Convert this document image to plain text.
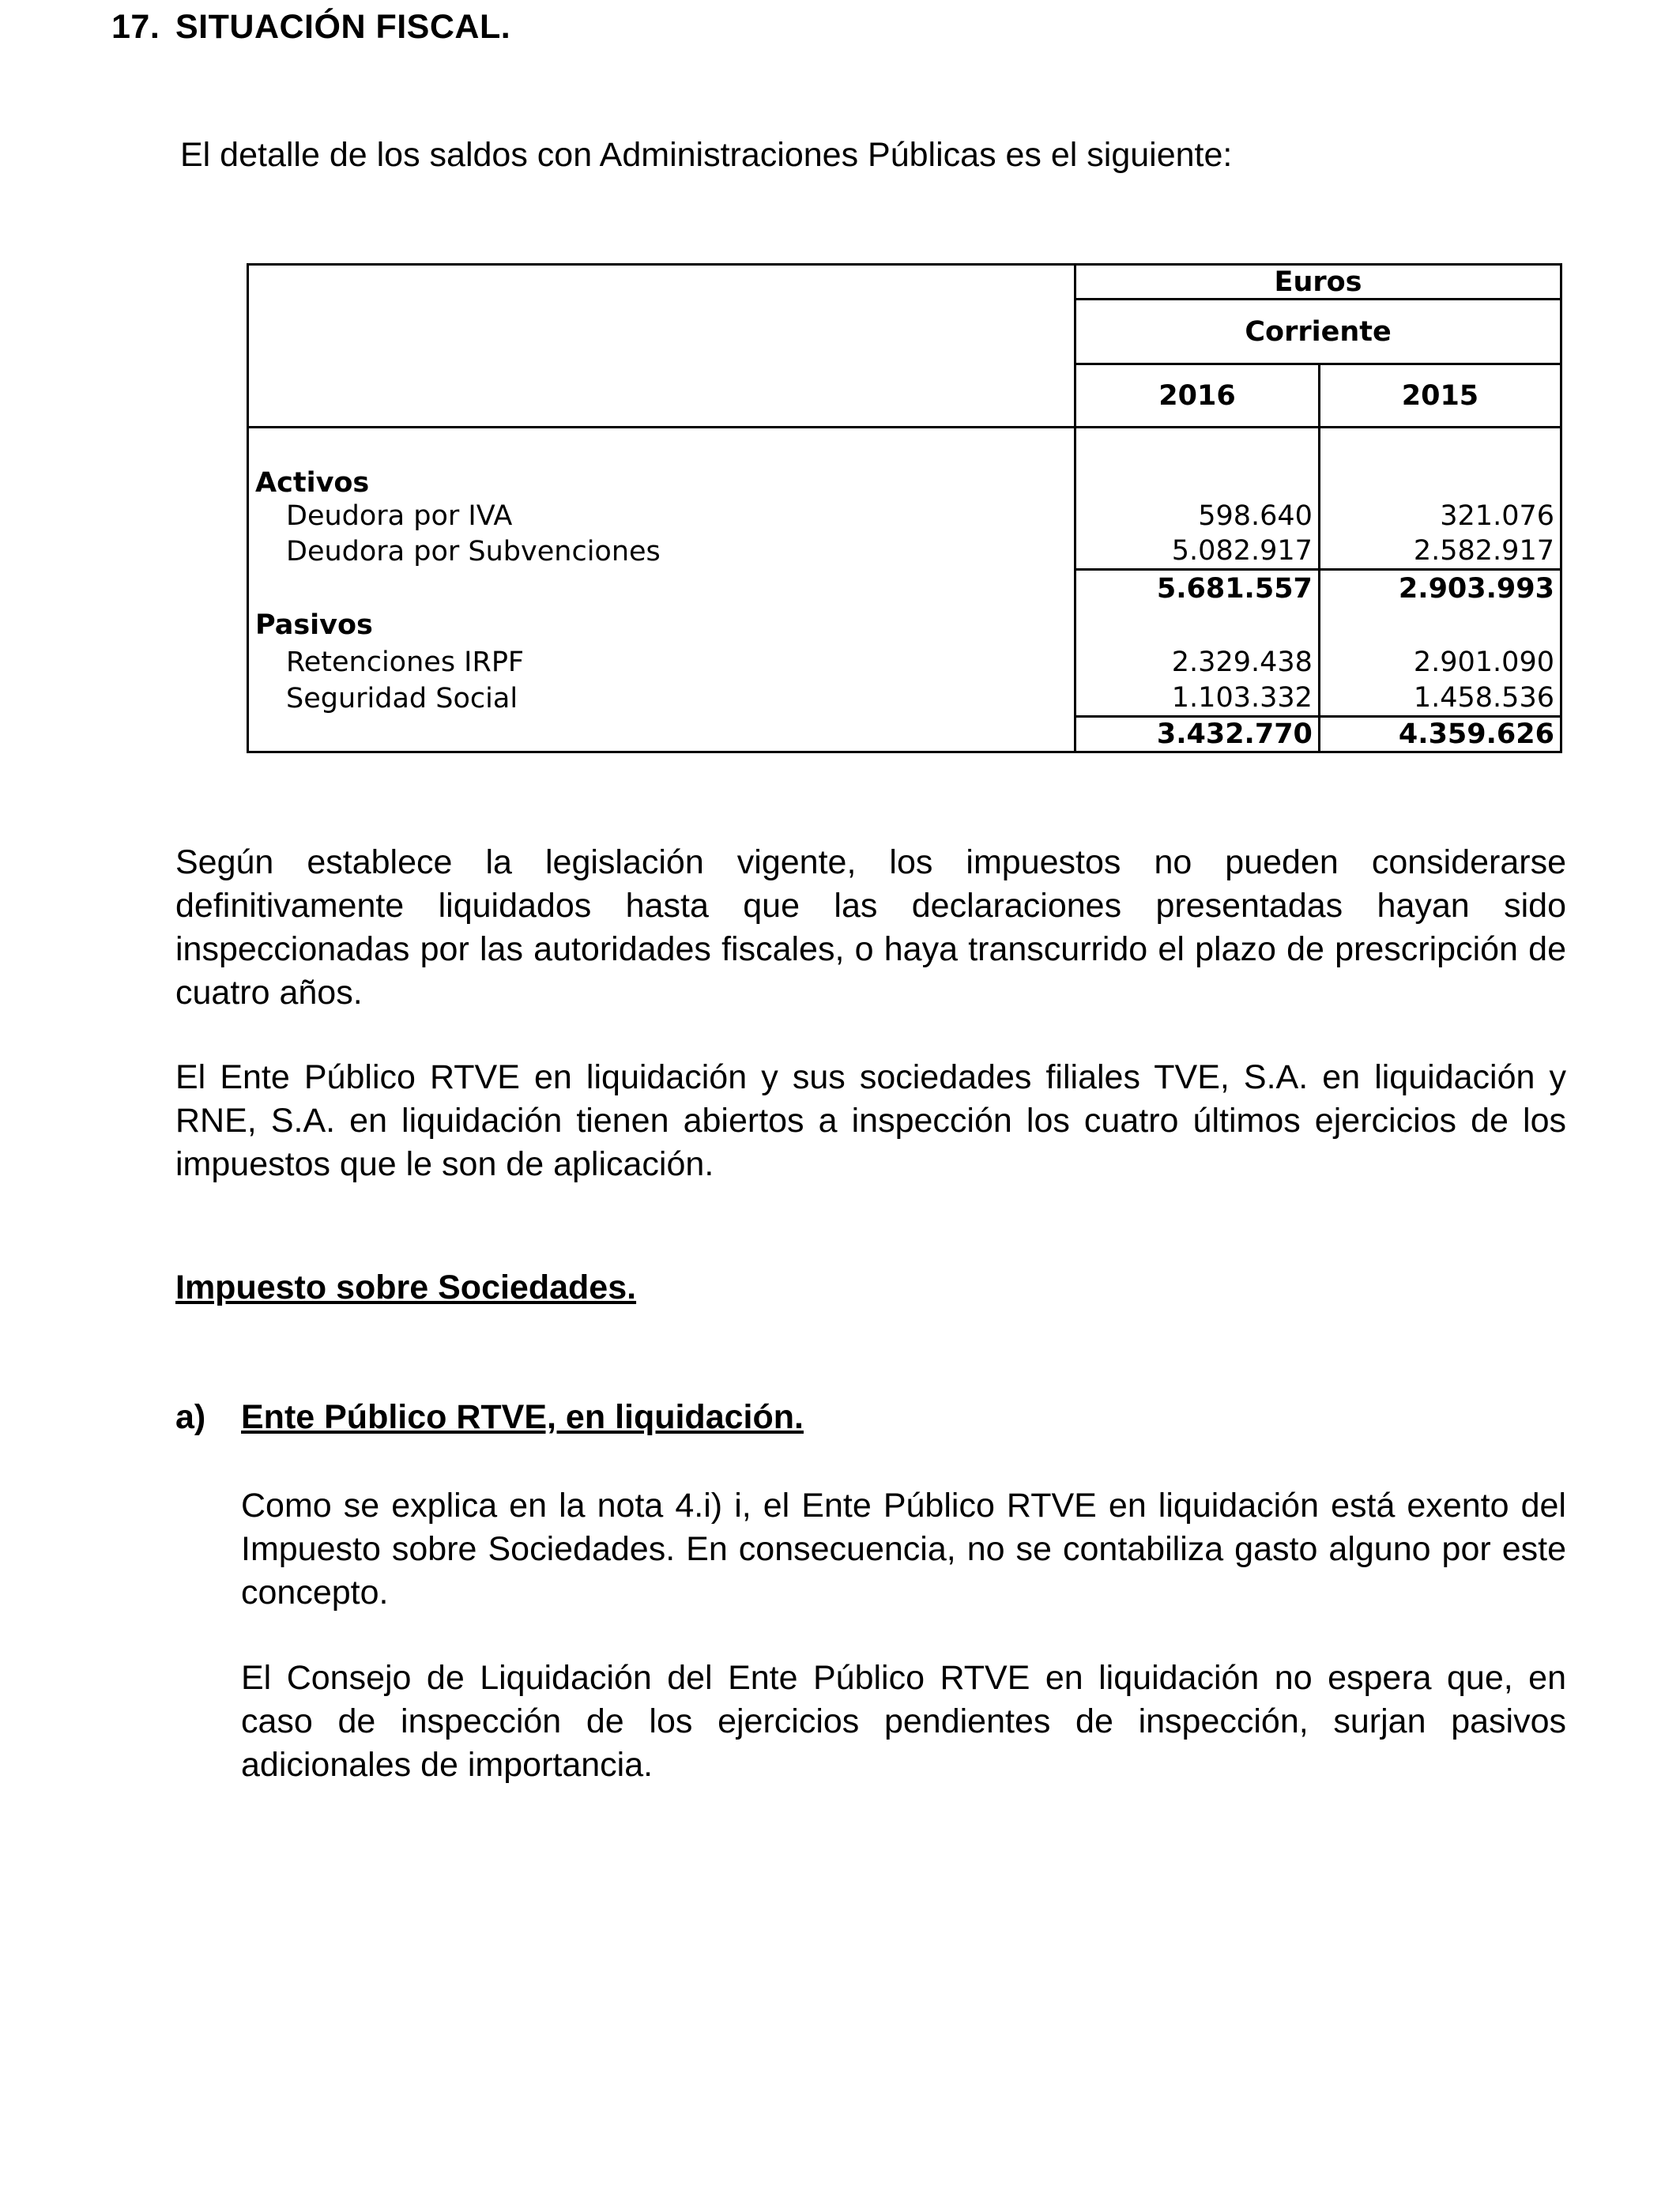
17. SITUACIÓN FISCAL.

El detalle de los saldos con Administraciones Públicas es el siguiente:

	Euros	
	Corriente	
	2016	2015
Activos		
Deudora por IVA	598.640	321.076
Deudora por Subvenciones	5.082.917	2.582.917
	5.681.557	2.903.993
Pasivos		
Retenciones IRPF	2.329.438	2.901.090
Seguridad Social	1.103.332	1.458.536
	3.432.770	4.359.626

Según establece la legislación vigente, los impuestos no pueden considerarse definitivamente liquidados hasta que las declaraciones presentadas hayan sido inspeccionadas por las autoridades fiscales, o haya transcurrido el plazo de prescripción de cuatro años.

El Ente Público RTVE en liquidación y sus sociedades filiales TVE, S.A. en liquidación y RNE, S.A. en liquidación tienen abiertos a inspección los cuatro últimos ejercicios de los impuestos que le son de aplicación.

Impuesto sobre Sociedades.

a) Ente Público RTVE, en liquidación.

Como se explica en la nota 4.i) i, el Ente Público RTVE en liquidación está exento del Impuesto sobre Sociedades. En consecuencia, no se contabiliza gasto alguno por este concepto.

El Consejo de Liquidación del Ente Público RTVE en liquidación no espera que, en caso de inspección de los ejercicios pendientes de inspección, surjan pasivos adicionales de importancia.
